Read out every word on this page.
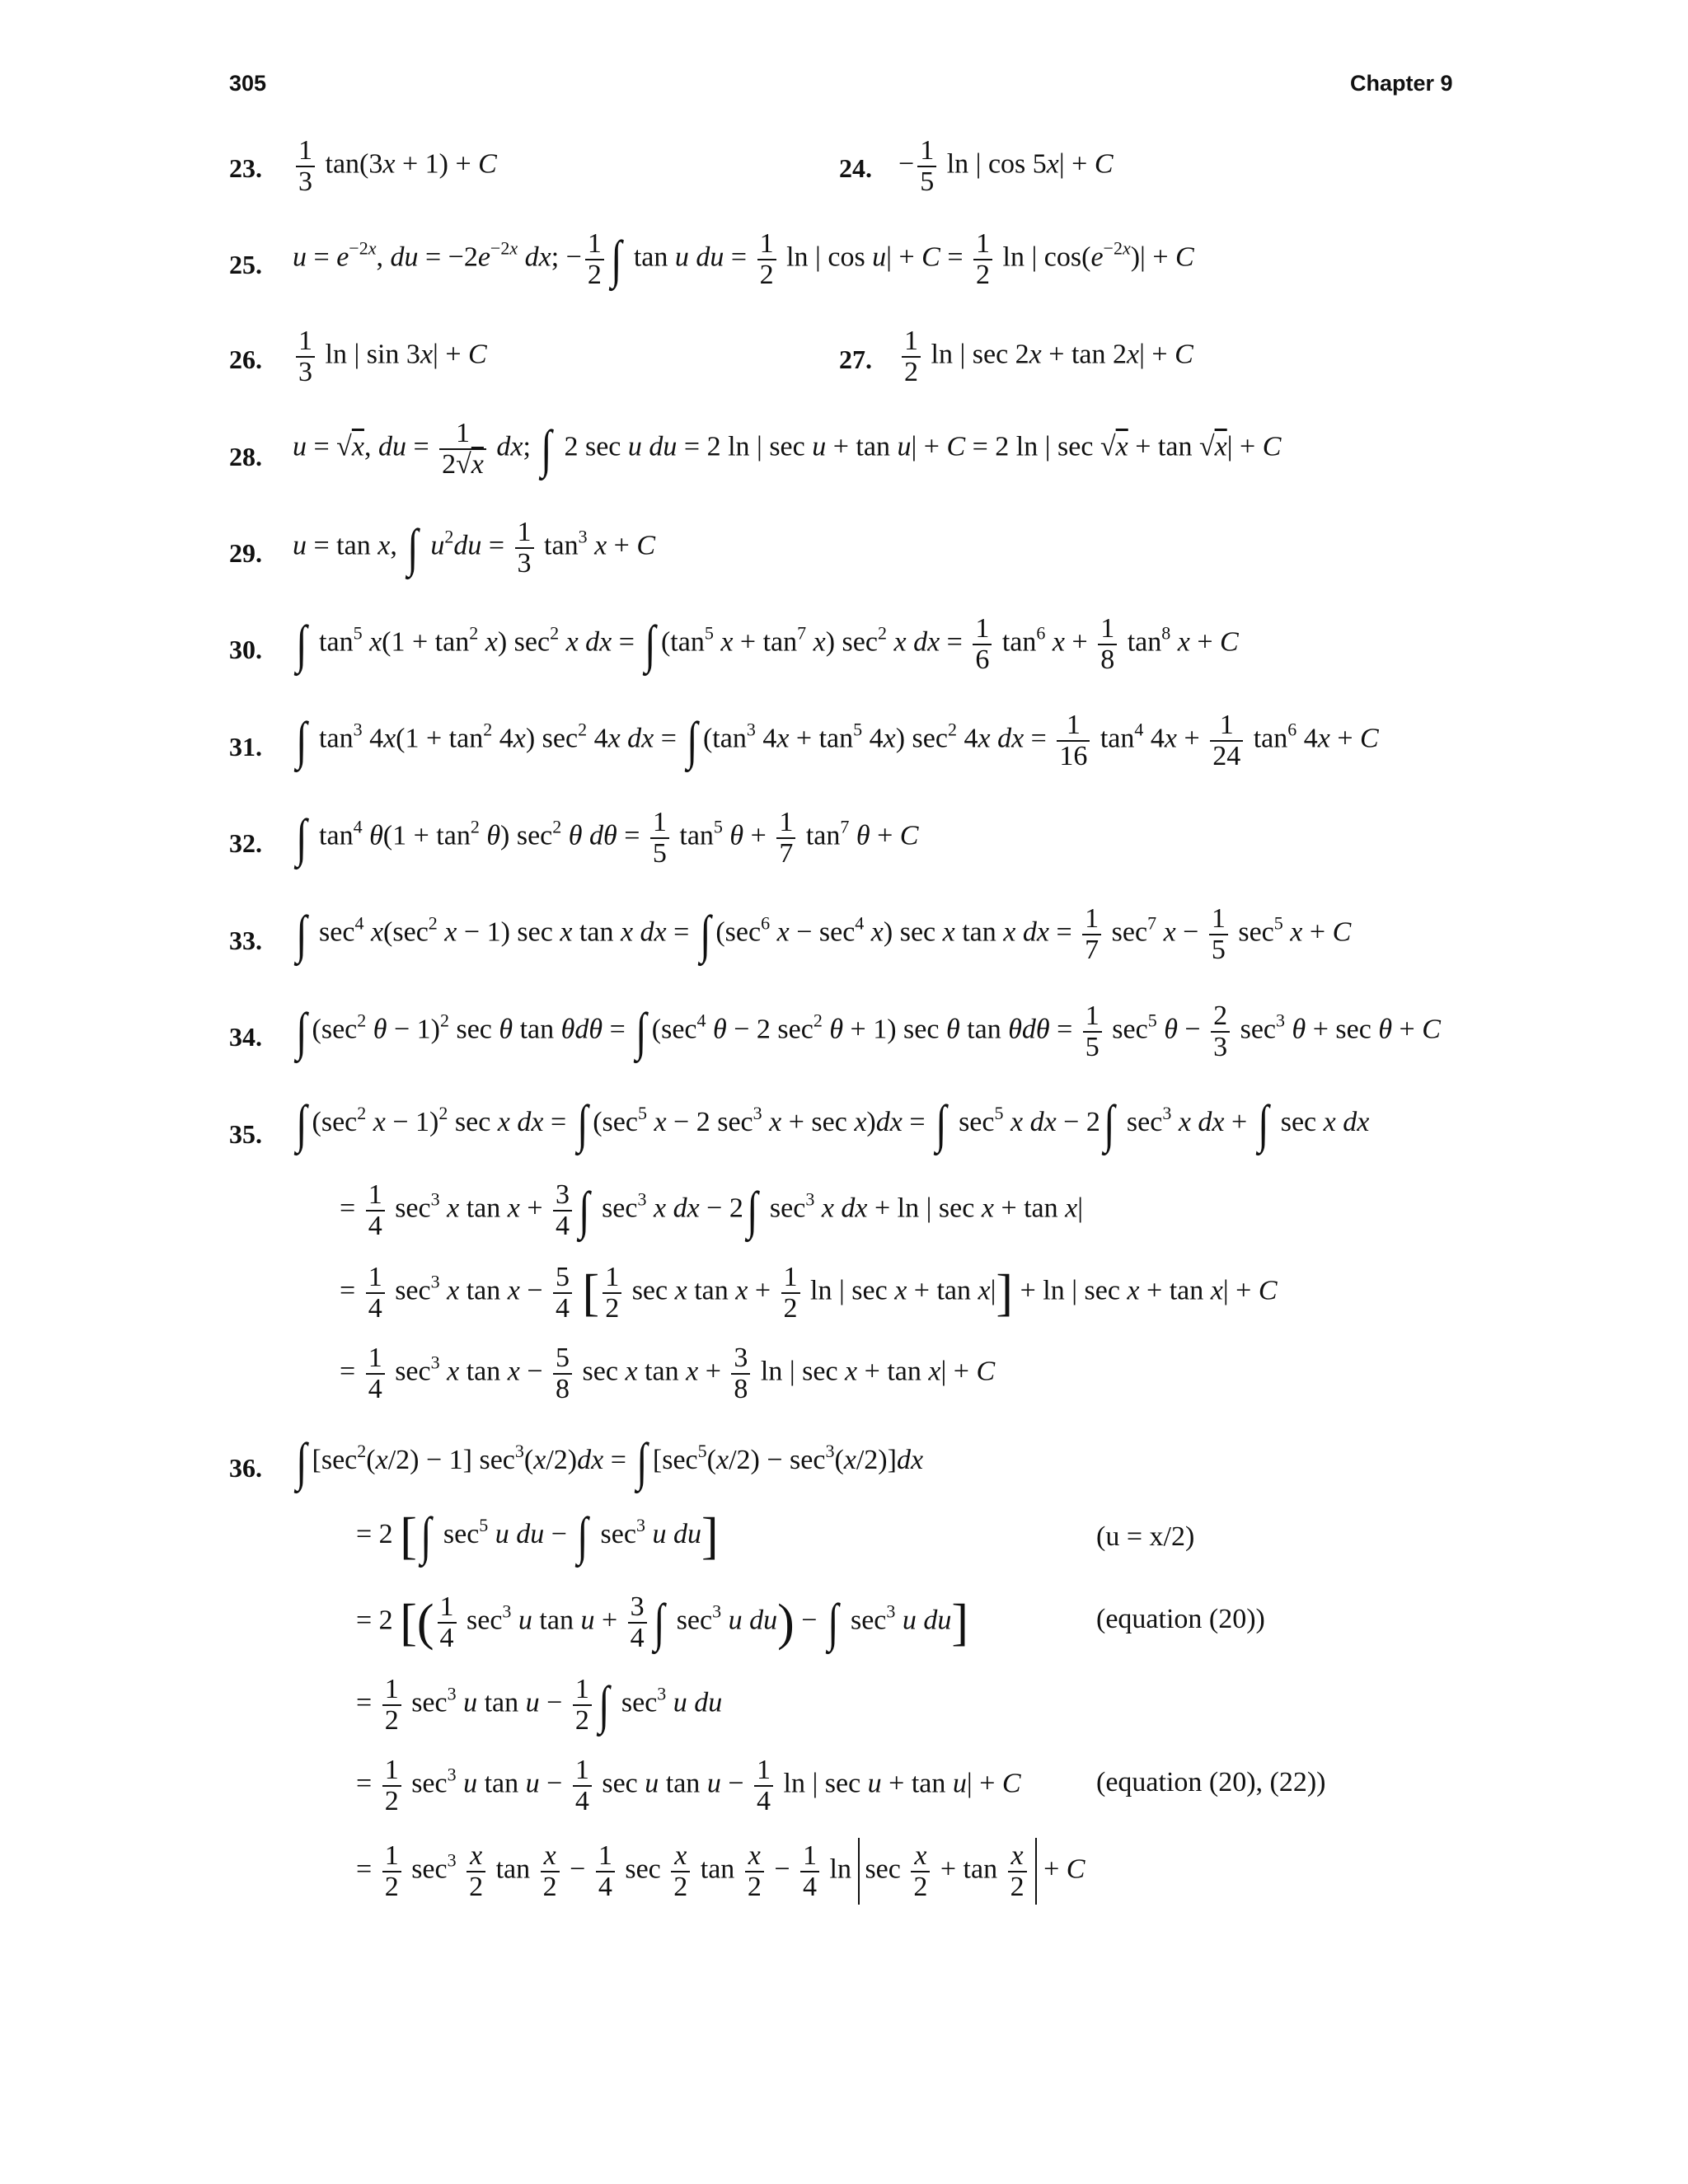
305	Chapter 9
23. $\frac{1}{3} \tan(3x + 1) + C$	24. − $\frac{1}{5}$ ln | cos 5x| + C
25. $u = e^{-2x}$, du = $-2e^{-2x}$ dx; − $\frac{1}{2}$ ∫ tan u du = $\frac{1}{2}$ ln | $\cos u| + C = \frac{1}{2}$ ln | $\cos(e^{-2x})| + C$
26. $\frac{1}{3}$ ln | sin 3x| + C	27. $\frac{1}{2}$ ln | sec 2x + tan 2x| + C
28. u = √x, du = $\frac{1}{2√x}$ dx; ∫ 2 sec u du = 2 ln | sec u + tan u| + C = 2 ln | sec √x + tan √x| + C
29. u = tan x, ∫ $u^2du = \frac{1}{3} \tan^3 x + C$
30. ∫ $\tan^5 x(1 + \tan^2 x)$ $\sec^2 x$ dx = ∫ ($\tan^5$ $x + \tan^7 x$) $\sec^2 x$ dx = $\frac{1}{6} \tan^6 x + \frac{1}{8} \tan^8 x + C$
31. ∫ $\tan^3 4x(1 + \tan^2 4x)$ $\sec^2 4x$ dx = ∫ ($\tan^3$ $4x + \tan^5 4x$) $\sec^2 4x$ dx = $\frac{1}{16} \tan^4 4x + \frac{1}{24} \tan^6 4x + C$
32. ∫ $\tan^4 \theta(1 + \tan^2 \theta)$ $\sec^2 \theta$ $d\theta = \frac{1}{5} \tan^5 \theta + \frac{1}{7} \tan^7 \theta + C$
33. ∫ $\sec^4 x(\sec^2$ x − 1) sec x tan x dx = ∫ ($\sec^6$ $x - \sec^4 x$) sec x tan x dx = $\frac{1}{7} \sec^7 x - \frac{1}{5} \sec^5 x + C$
34. ∫ ($\sec^2$ θ − 1)$^2$ sec θ tan θdθ = ∫ ($\sec^4$ θ − 2 $\sec^2 \theta + 1$) sec θ $\tan \theta d\theta = \frac{1}{5} \sec^5 \theta - \frac{2}{3} \sec^3 \theta + \sec \theta + C$
35. ∫ ($\sec^2$ x − 1)$^2$ sec x dx = ∫ ($\sec^5$ x − 2 $\sec^3 x + \sec x)dx$ = ∫ $\sec^5 x$ dx − 2∫ $\sec^3 x$ dx + ∫ sec x dx
= $\frac{1}{4} \sec^3 x$ $\tan x + \frac{3}{4}$ ∫ $\sec^3 x$ dx − 2∫ $\sec^3 x$ dx + ln | sec x + tan x|
= $\frac{1}{4} \sec^3 x$ $\tan x - \frac{5}{4}$ [ $\frac{1}{2}$ sec x $\tan x + \frac{1}{2}$ ln | sec x + tan x|] + ln | sec x + tan x| + C
= $\frac{1}{4} \sec^3 x$ $\tan x - \frac{5}{8}$ sec x $\tan x + \frac{3}{8}$ ln | sec x + tan x| + C
36. ∫ $[\sec^2(x/2) - 1] \sec^3(x/2)dx$ = ∫ $[\sec^5(x/2) - \sec^3(x/2)]dx$
= 2 [∫ $\sec^5 u$ du − ∫ $\sec^3 u$ du]	(u = x/2)
= 2 [( $\frac{1}{4} \sec^3 u$ $\tan u + \frac{3}{4}$ ∫ $\sec^3 u$ du) − ∫ $\sec^3 u$ du]	(equation (20))
= $\frac{1}{2} \sec^3 u$ $\tan u - \frac{1}{2}$ ∫ $\sec^3 u$ du
= $\frac{1}{2} \sec^3 u$ $\tan u - \frac{1}{4}$ sec u $\tan u - \frac{1}{4}$ ln | sec u + tan u| + C	(equation (20), (22))
= $\frac{1}{2} \sec^3 \frac{x}{2}$ $\tan \frac{x}{2} - \frac{1}{4}$ $\sec \frac{x}{2}$ $\tan \frac{x}{2} - \frac{1}{4}$ $\ln \sec \frac{x}{2} + \tan \frac{x}{2} + C$
